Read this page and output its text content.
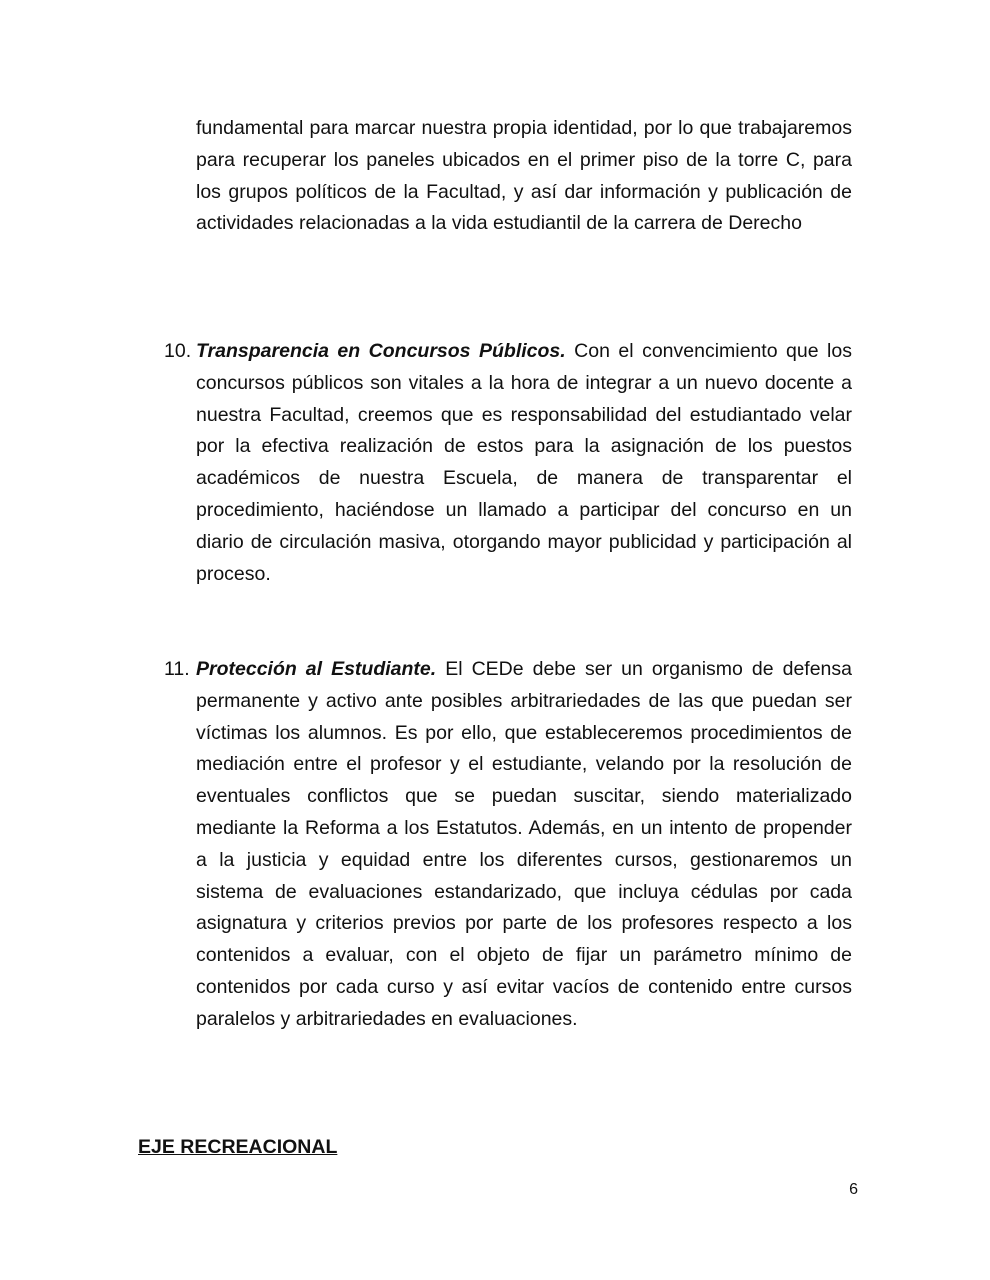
fundamental para marcar nuestra propia identidad, por lo que trabajaremos para recuperar los paneles ubicados en el primer piso de la torre C, para los grupos políticos de la Facultad, y así dar información y publicación de actividades relacionadas a la vida estudiantil de la carrera de Derecho

10. Transparencia en Concursos Públicos. Con el convencimiento que los concursos públicos son vitales a la hora de integrar a un nuevo docente a nuestra Facultad, creemos que es responsabilidad del estudiantado velar por la efectiva realización de estos para la asignación de los puestos académicos de nuestra Escuela, de manera de transparentar el procedimiento, haciéndose un llamado a participar del concurso en un diario de circulación masiva, otorgando mayor publicidad y participación al proceso.

11. Protección al Estudiante. El CEDe debe ser un organismo de defensa permanente y activo ante posibles arbitrariedades de las que puedan ser víctimas los alumnos. Es por ello, que estableceremos procedimientos de mediación entre el profesor y el estudiante, velando por la resolución de eventuales conflictos que se puedan suscitar, siendo materializado mediante la Reforma a los Estatutos. Además, en un intento de propender a la justicia y equidad entre los diferentes cursos, gestionaremos un sistema de evaluaciones estandarizado, que incluya cédulas por cada asignatura y criterios previos por parte de los profesores respecto a los contenidos a evaluar, con el objeto de fijar un parámetro mínimo de contenidos por cada curso y así evitar vacíos de contenido entre cursos paralelos y arbitrariedades en evaluaciones.

EJE RECREACIONAL
6
